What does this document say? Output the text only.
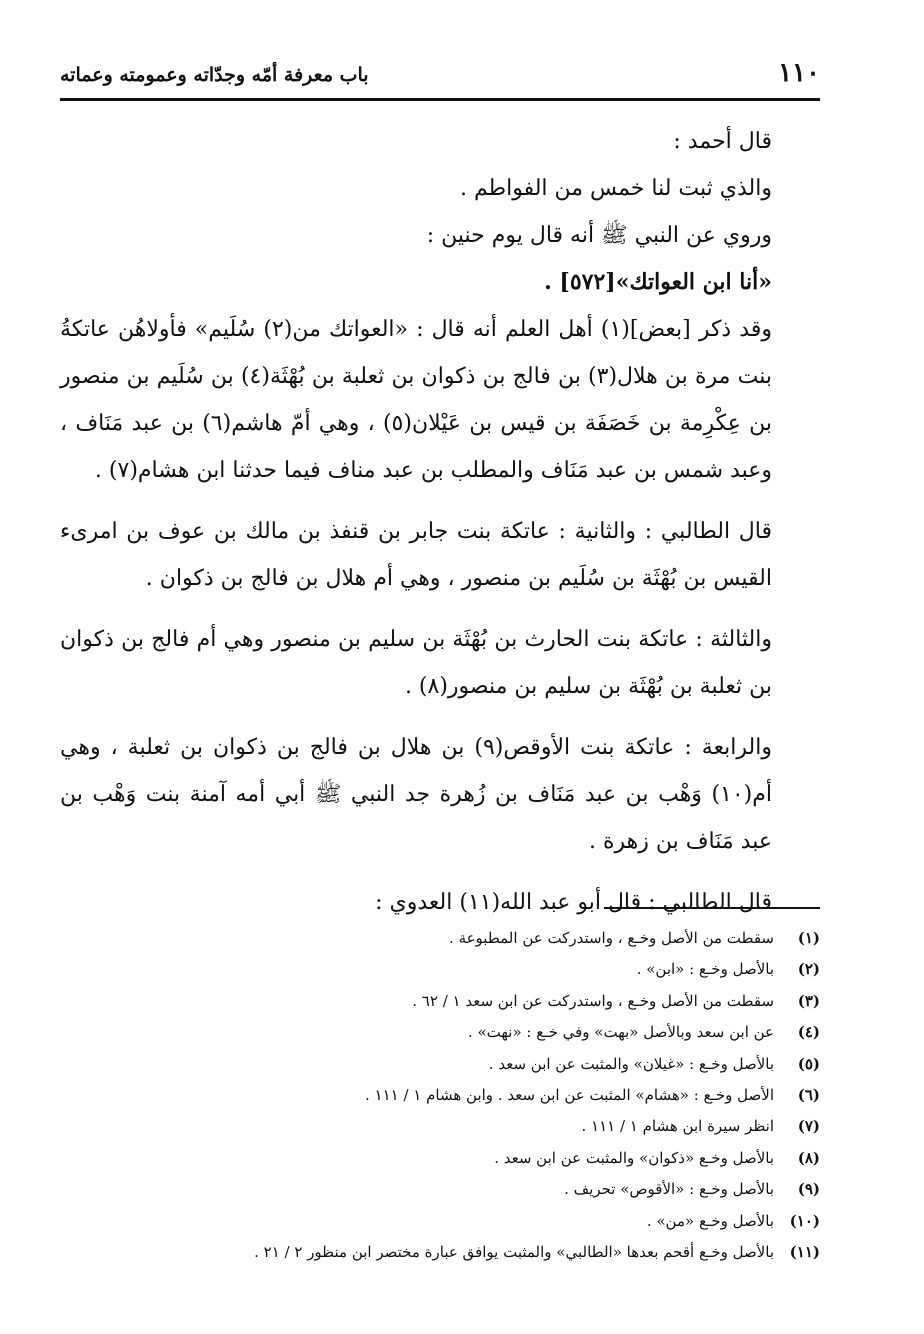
١١٠
باب معرفة أمّه وجدّاته وعمومته وعماته

قال أحمد :

والذي ثبت لنا خمس من الفواطم .

وروي عن النبي ﷺ أنه قال يوم حنين :

«أنا ابن العواتك»[٥٧٢] .

وقد ذكر [بعض](١) أهل العلم أنه قال : «العواتك من(٢) سُلَيم» فأولاهُن عاتكةُ بنت مرة بن هلال(٣) بن فالج بن ذكوان بن ثعلبة بن بُهْثَة(٤) بن سُلَيم بن منصور بن عِكْرِمة بن خَصَفَة بن قيس بن عَيْلان(٥) ، وهي أمّ هاشم(٦) بن عبد مَنَاف ، وعبد شمس بن عبد مَنَاف والمطلب بن عبد مناف فيما حدثنا ابن هشام(٧) .

قال الطالبي : والثانية : عاتكة بنت جابر بن قنفذ بن مالك بن عوف بن امرىء القيس بن بُهْثَة بن سُلَيم بن منصور ، وهي أم هلال بن فالج بن ذكوان .

والثالثة : عاتكة بنت الحارث بن بُهْثَة بن سليم بن منصور وهي أم فالج بن ذكوان بن ثعلبة بن بُهْثَة بن سليم بن منصور(٨) .

والرابعة : عاتكة بنت الأوقص(٩) بن هلال بن فالج بن ذكوان بن ثعلبة ، وهي أم(١٠) وَهْب بن عبد مَنَاف بن زُهرة جد النبي ﷺ أبي أمه آمنة بنت وَهْب بن عبد مَنَاف بن زهرة .

قال الطالبي : قال أبو عبد الله(١١) العدوي :

(١)سقطت من الأصل وخـع ، واستدركت عن المطبوعة .
(٢)بالأصل وخـع : «ابن» .
(٣)سقطت من الأصل وخـع ، واستدركت عن ابن سعد ١ / ٦٢ .
(٤)عن ابن سعد وبالأصل «بهت» وفي خـع : «نهت» .
(٥)بالأصل وخـع : «غيلان» والمثبت عن ابن سعد .
(٦)الأصل وخـع : «هشام» المثبت عن ابن سعد . وابن هشام ١ / ١١١ .
(٧)انظر سيرة ابن هشام ١ / ١١١ .
(٨)بالأصل وخـع «ذكوان» والمثبت عن ابن سعد .
(٩)بالأصل وخـع : «الأقوص» تحريف .
(١٠)بالأصل وخـع «من» .
(١١)بالأصل وخـع أقحم بعدها «الطالبي» والمثبت يوافق عبارة مختصر ابن منظور ٢ / ٢١ .
